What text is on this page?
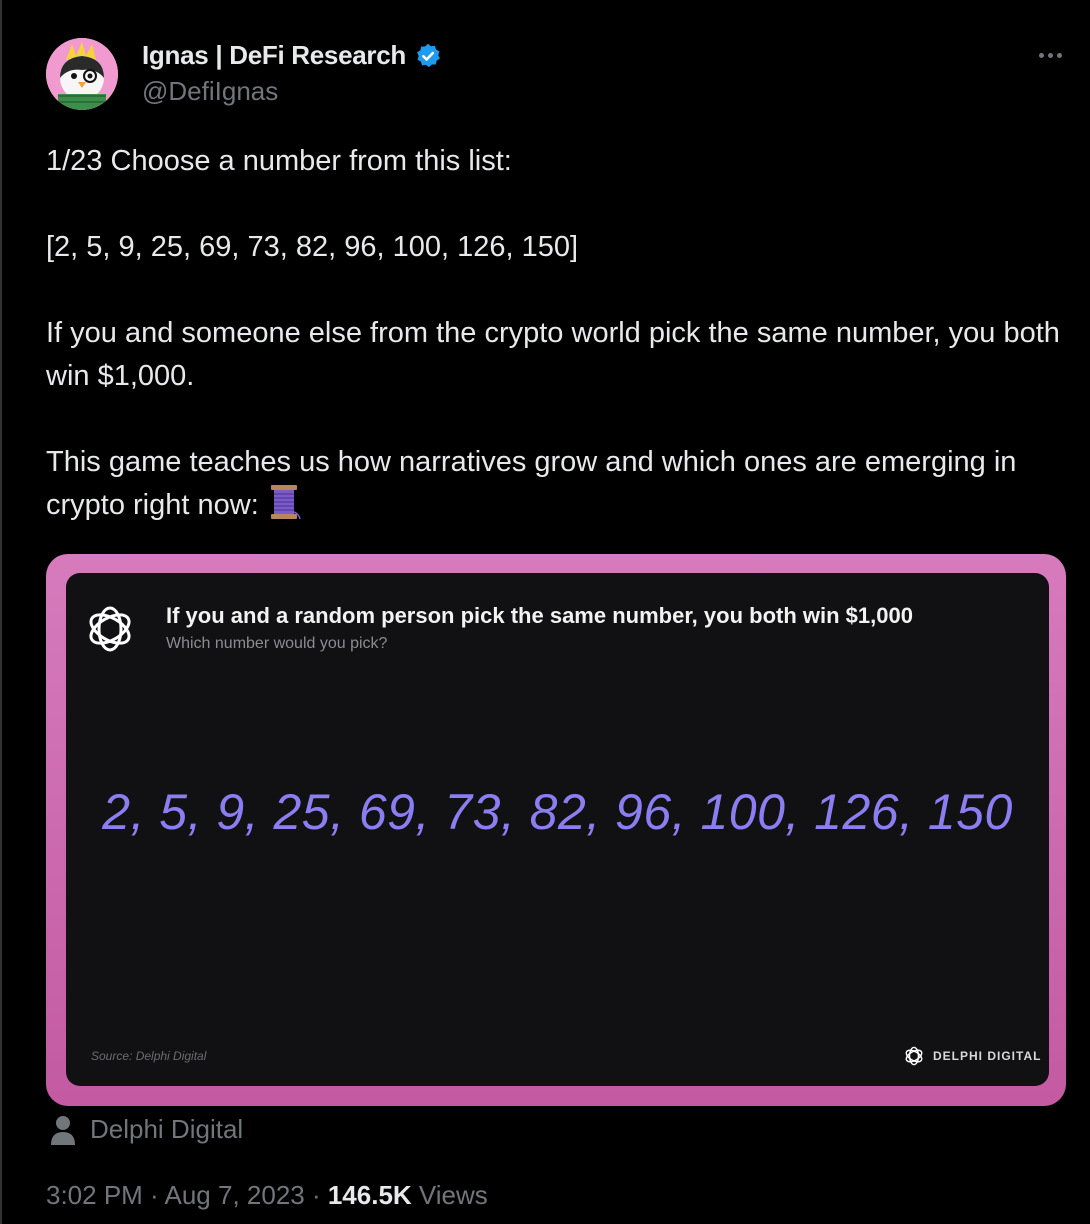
Ignas | DeFi Research
@DefiIgnas

1/23 Choose a number from this list:

[2, 5, 9, 25, 69, 73, 82, 96, 100, 126, 150]

If you and someone else from the crypto world pick the same number, you both win $1,000.

This game teaches us how narratives grow and which ones are emerging in crypto right now:

If you and a random person pick the same number, you both win $1,000
Which number would you pick?
2, 5, 9, 25, 69, 73, 82, 96, 100, 126, 150
Source: Delphi Digital	DELPHI DIGITAL
Delphi Digital
3:02 PM · Aug 7, 2023 · 146.5K Views
